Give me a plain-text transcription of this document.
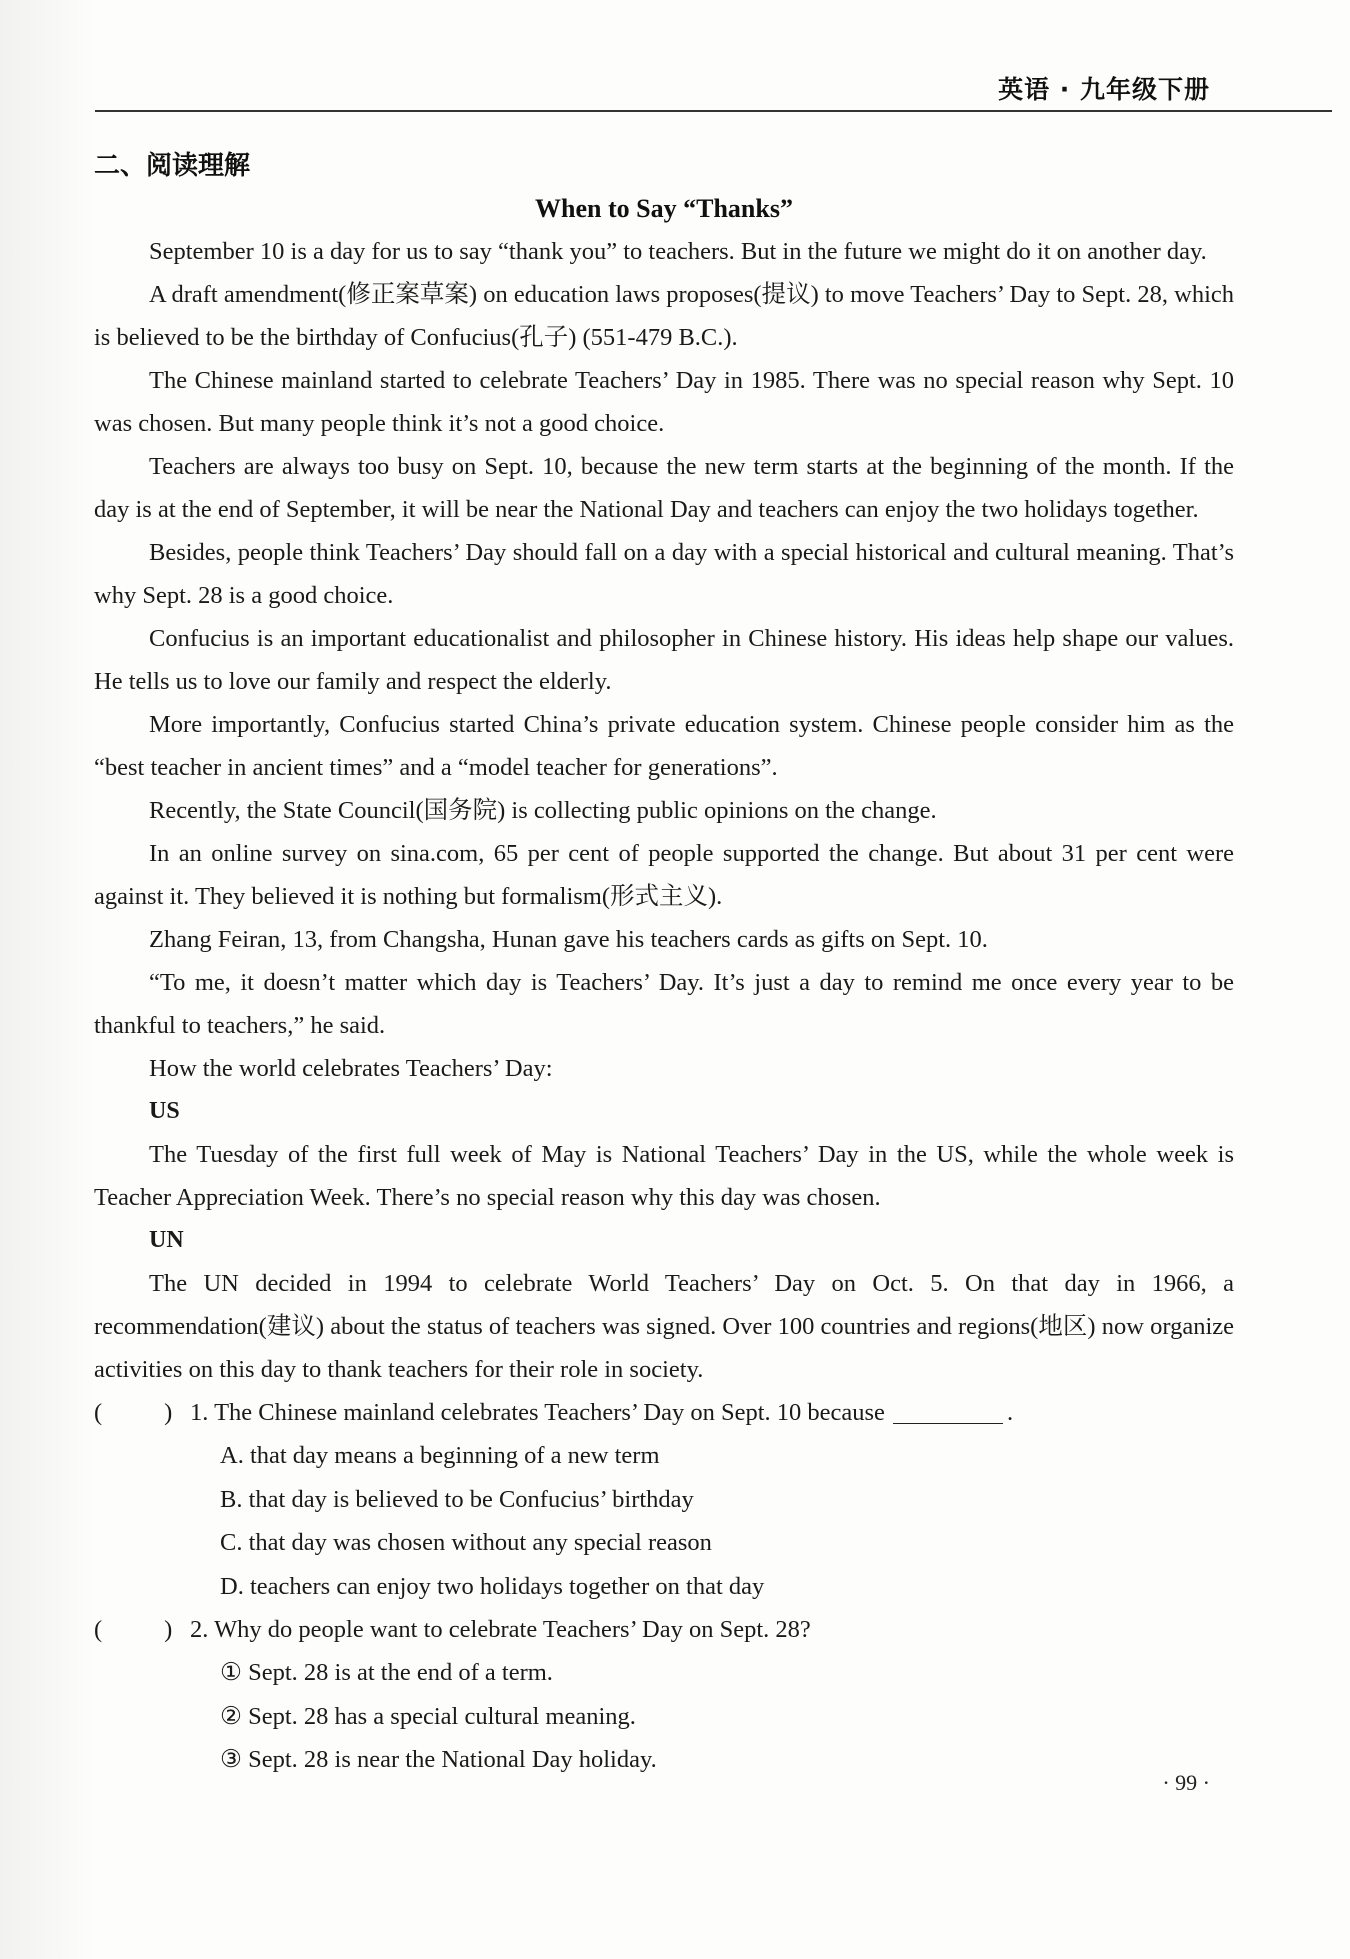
英语 · 九年级下册
二、阅读理解
When to Say “Thanks”

September 10 is a day for us to say “thank you” to teachers. But in the future we might do it on another day.

A draft amendment(修正案草案) on education laws proposes(提议) to move Teachers’ Day to Sept. 28, which is believed to be the birthday of Confucius(孔子) (551-479 B.C.).

The Chinese mainland started to celebrate Teachers’ Day in 1985. There was no special reason why Sept. 10 was chosen. But many people think it’s not a good choice.

Teachers are always too busy on Sept. 10, because the new term starts at the beginning of the month. If the day is at the end of September, it will be near the National Day and teachers can enjoy the two holidays together.

Besides, people think Teachers’ Day should fall on a day with a special historical and cultural meaning. That’s why Sept. 28 is a good choice.

Confucius is an important educationalist and philosopher in Chinese history. His ideas help shape our values. He tells us to love our family and respect the elderly.

More importantly, Confucius started China’s private education system. Chinese people consider him as the “best teacher in ancient times” and a “model teacher for generations”.

Recently, the State Council(国务院) is collecting public opinions on the change.

In an online survey on sina.com, 65 per cent of people supported the change. But about 31 per cent were against it. They believed it is nothing but formalism(形式主义).

Zhang Feiran, 13, from Changsha, Hunan gave his teachers cards as gifts on Sept. 10.

“To me, it doesn’t matter which day is Teachers’ Day. It’s just a day to remind me once every year to be thankful to teachers,” he said.

How the world celebrates Teachers’ Day:

US

The Tuesday of the first full week of May is National Teachers’ Day in the US, while the whole week is Teacher Appreciation Week. There’s no special reason why this day was chosen.

UN

The UN decided in 1994 to celebrate World Teachers’ Day on Oct. 5. On that day in 1966, a recommendation(建议) about the status of teachers was signed. Over 100 countries and regions(地区) now organize activities on this day to thank teachers for their role in society.

(	) 1. The Chinese mainland celebrates Teachers’ Day on Sept. 10 because	.

A. that day means a beginning of a new term

B. that day is believed to be Confucius’ birthday

C. that day was chosen without any special reason

D. teachers can enjoy two holidays together on that day

(	) 2. Why do people want to celebrate Teachers’ Day on Sept. 28?

① Sept. 28 is at the end of a term.

② Sept. 28 has a special cultural meaning.

③ Sept. 28 is near the National Day holiday.

· 99 ·
